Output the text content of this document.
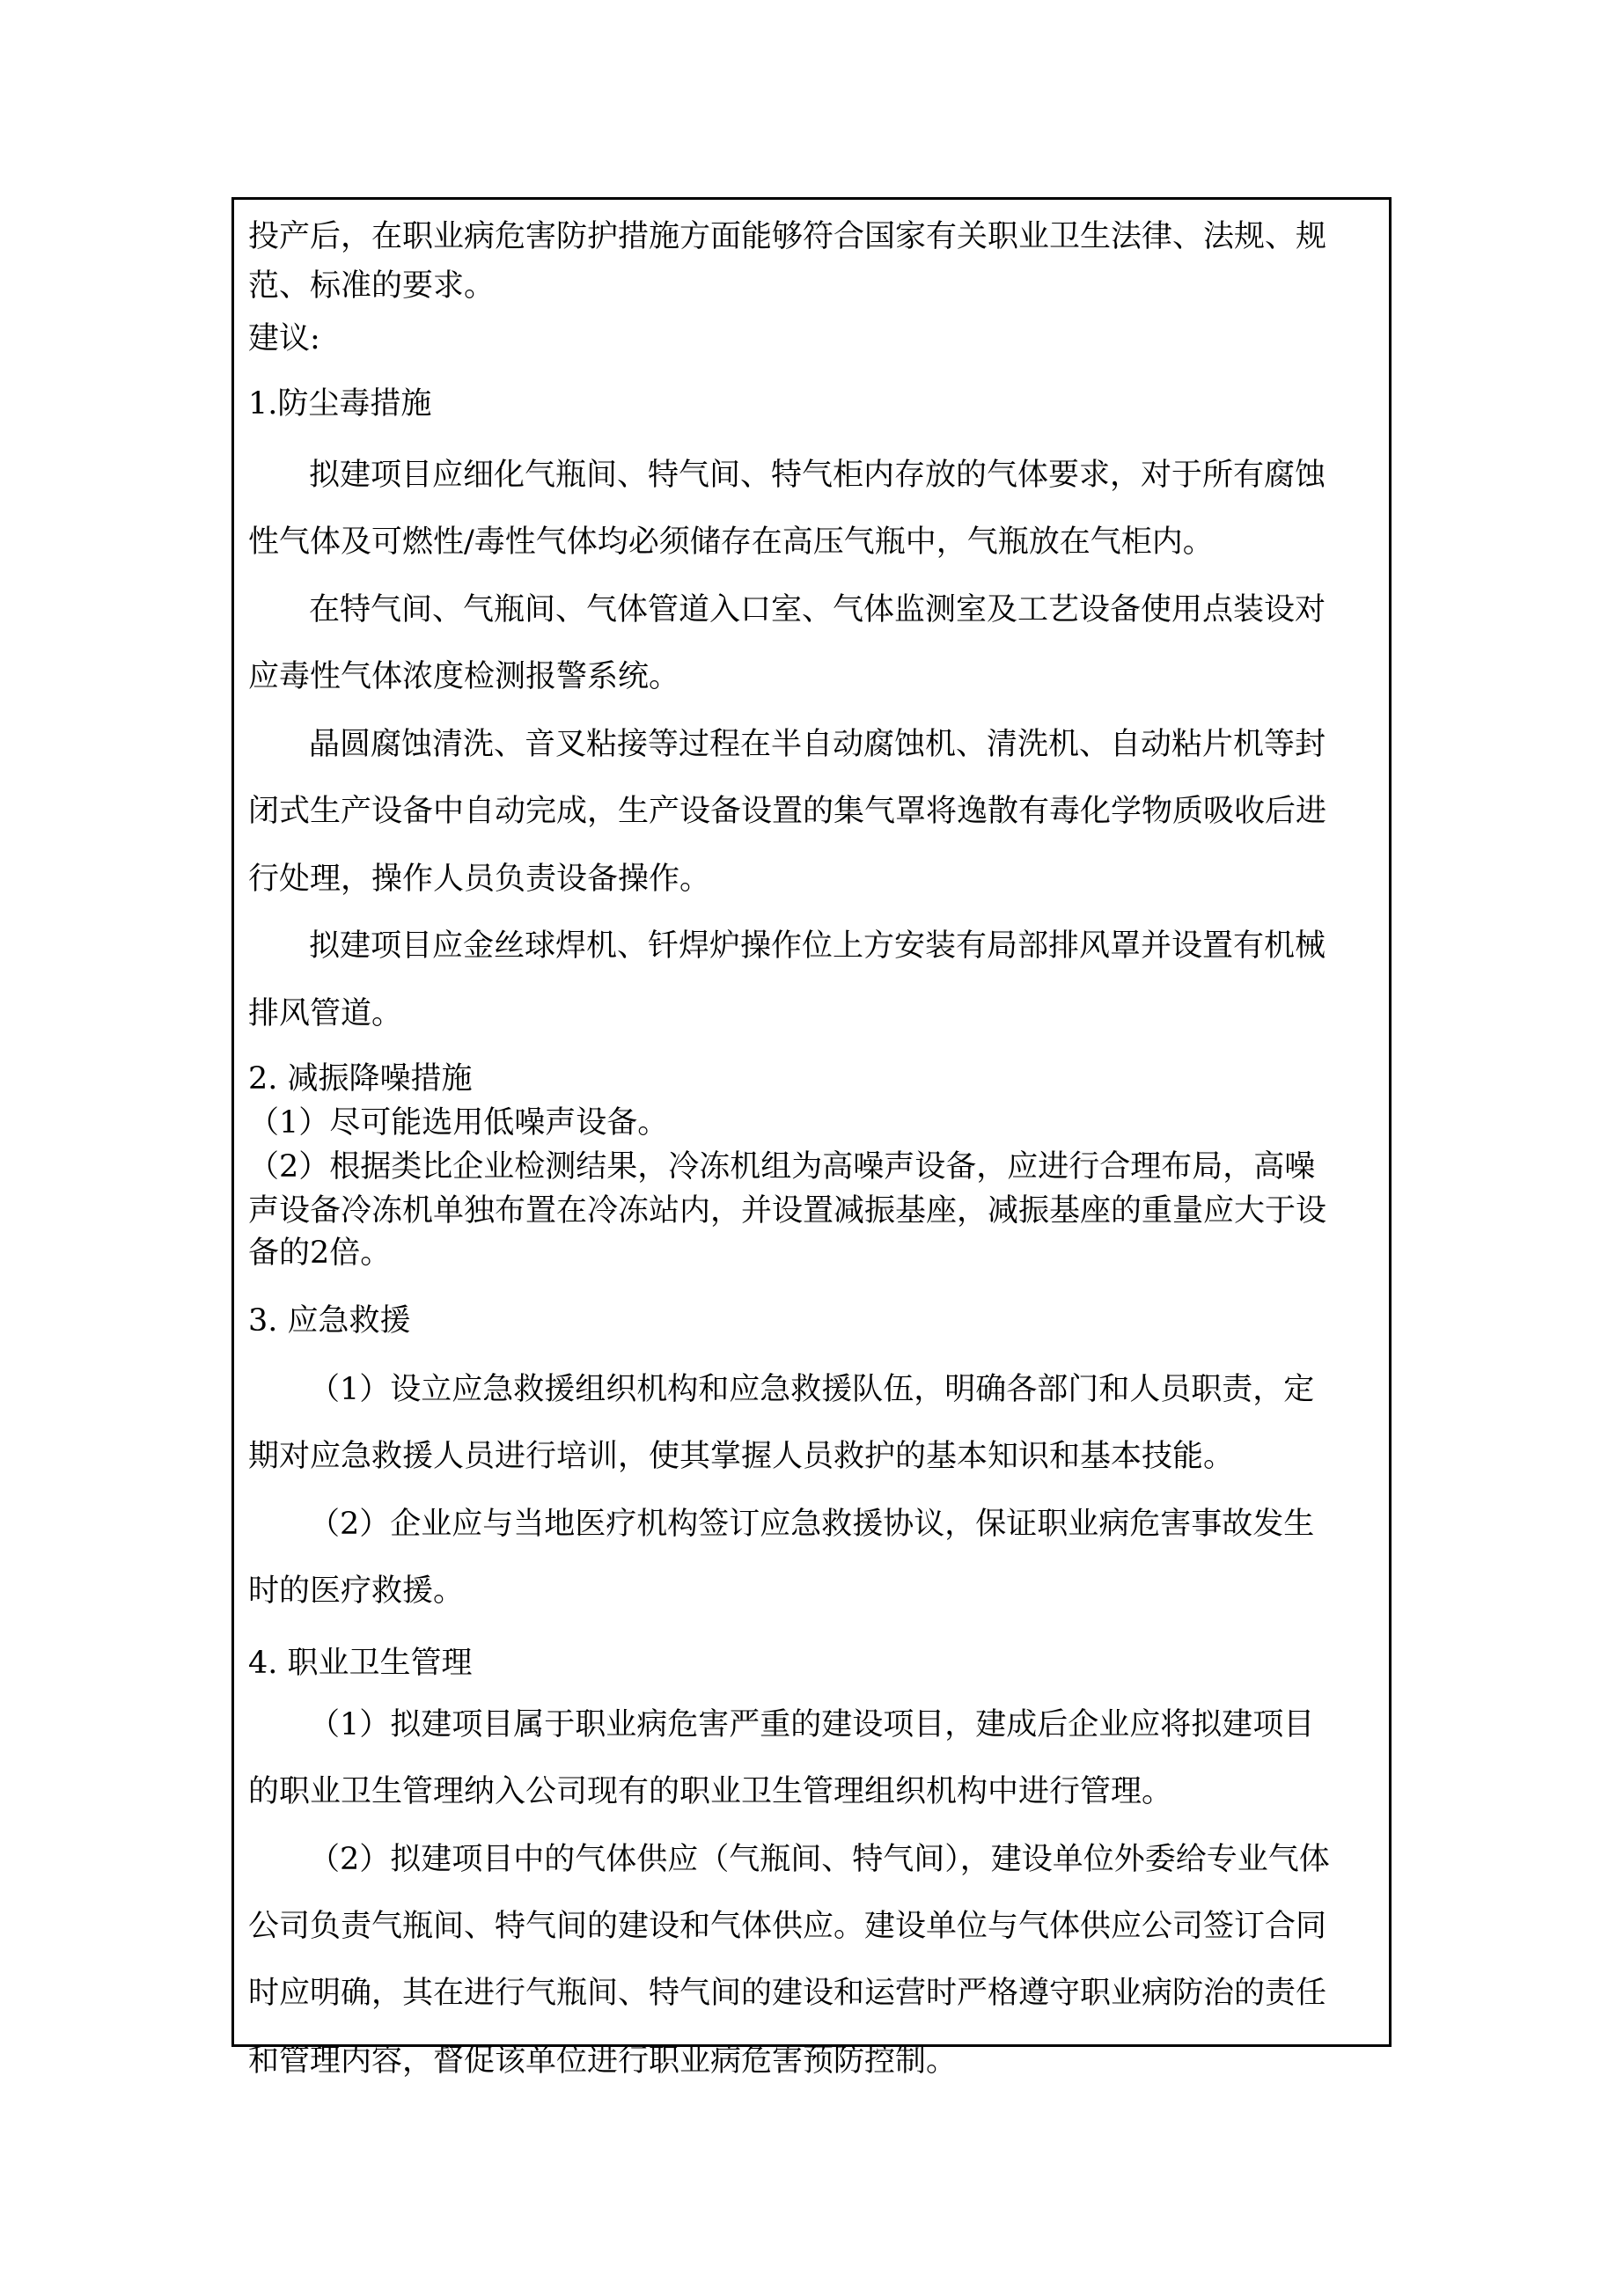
投产后，在职业病危害防护措施方面能够符合国家有关职业卫生法律、法规、规
范、标准的要求。
建议:
1.防尘毒措施
拟建项目应细化气瓶间、特气间、特气柜内存放的气体要求，对于所有腐蚀
性气体及可燃性/毒性气体均必须储存在高压气瓶中，气瓶放在气柜内。
在特气间、气瓶间、气体管道入口室、气体监测室及工艺设备使用点装设对
应毒性气体浓度检测报警系统。
晶圆腐蚀清洗、音叉粘接等过程在半自动腐蚀机、清洗机、自动粘片机等封
闭式生产设备中自动完成，生产设备设置的集气罩将逸散有毒化学物质吸收后进
行处理，操作人员负责设备操作。
拟建项目应金丝球焊机、钎焊炉操作位上方安装有局部排风罩并设置有机械
排风管道。
2. 减振降噪措施
（1）尽可能选用低噪声设备。
（2）根据类比企业检测结果，冷冻机组为高噪声设备，应进行合理布局，高噪
声设备冷冻机单独布置在冷冻站内，并设置减振基座，减振基座的重量应大于设
备的2倍。
3. 应急救援
（1）设立应急救援组织机构和应急救援队伍，明确各部门和人员职责，定
期对应急救援人员进行培训，使其掌握人员救护的基本知识和基本技能。
（2）企业应与当地医疗机构签订应急救援协议，保证职业病危害事故发生
时的医疗救援。
4. 职业卫生管理
（1）拟建项目属于职业病危害严重的建设项目，建成后企业应将拟建项目
的职业卫生管理纳入公司现有的职业卫生管理组织机构中进行管理。
（2）拟建项目中的气体供应（气瓶间、特气间），建设单位外委给专业气体
公司负责气瓶间、特气间的建设和气体供应。建设单位与气体供应公司签订合同
时应明确，其在进行气瓶间、特气间的建设和运营时严格遵守职业病防治的责任
和管理内容，督促该单位进行职业病危害预防控制。
